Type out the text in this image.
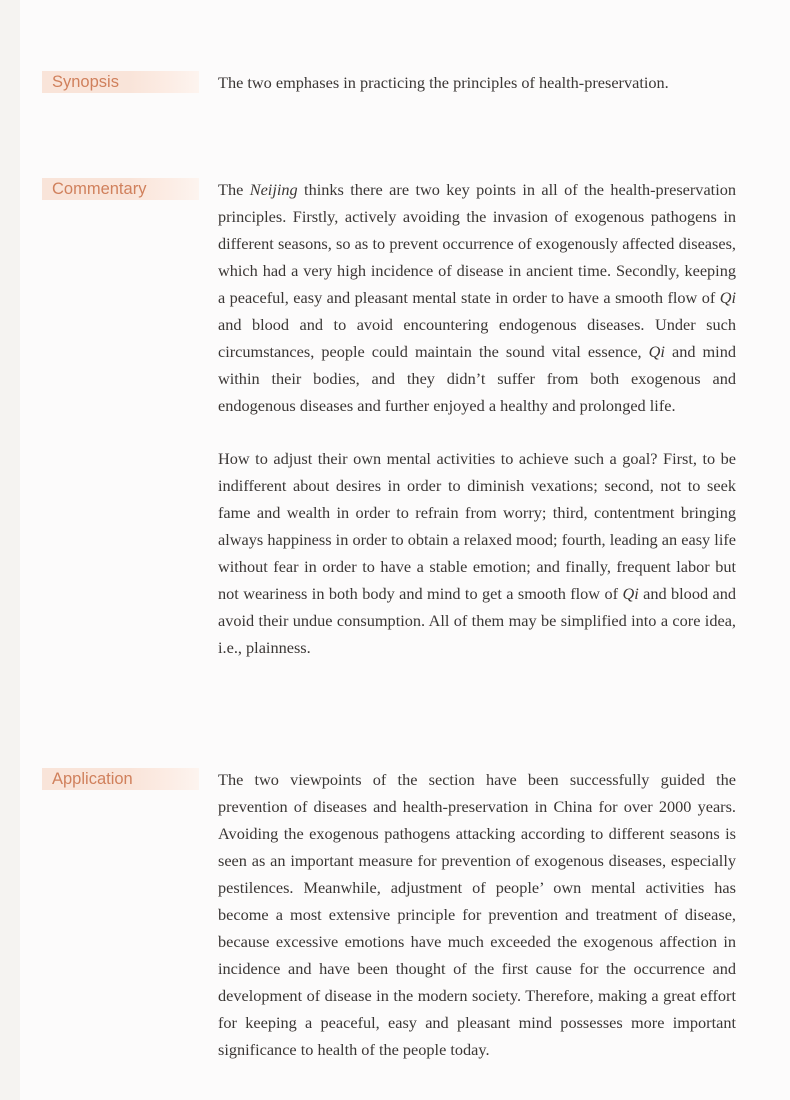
Synopsis	The two emphases in practicing the principles of health-preservation.

Commentary	The Neijing thinks there are two key points in all of the health-preservation principles. Firstly, actively avoiding the invasion of exogenous pathogens in different seasons, so as to prevent occurrence of exogenously affected diseases, which had a very high incidence of disease in ancient time. Secondly, keeping a peaceful, easy and pleasant mental state in order to have a smooth flow of Qi and blood and to avoid encountering endogenous diseases. Under such circumstances, people could maintain the sound vital essence, Qi and mind within their bodies, and they didn’t suffer from both exogenous and endogenous diseases and further enjoyed a healthy and prolonged life.

How to adjust their own mental activities to achieve such a goal? First, to be indifferent about desires in order to diminish vexations; second, not to seek fame and wealth in order to refrain from worry; third, contentment bringing always happiness in order to obtain a relaxed mood; fourth, leading an easy life without fear in order to have a stable emotion; and finally, frequent labor but not weariness in both body and mind to get a smooth flow of Qi and blood and avoid their undue consumption. All of them may be simplified into a core idea, i.e., plainness.

Application	The two viewpoints of the section have been successfully guided the prevention of diseases and health-preservation in China for over 2000 years. Avoiding the exogenous pathogens attacking according to different seasons is seen as an important measure for prevention of exogenous diseases, especially pestilences. Meanwhile, adjustment of people’ own mental activities has become a most extensive principle for prevention and treatment of disease, because excessive emotions have much exceeded the exogenous affection in incidence and have been thought of the first cause for the occurrence and development of disease in the modern society. Therefore, making a great effort for keeping a peaceful, easy and pleasant mind possesses more important significance to health of the people today.
